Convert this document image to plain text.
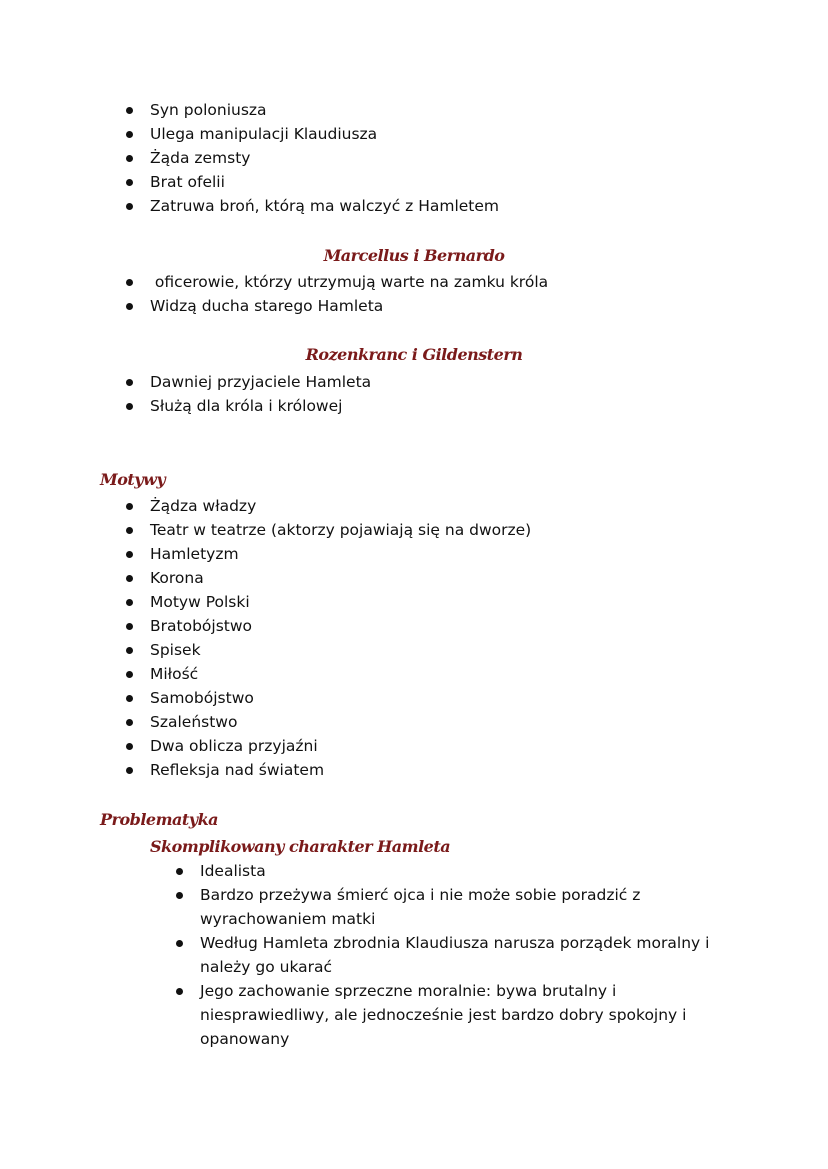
Syn poloniusza
Ulega manipulacji Klaudiusza
Żąda zemsty
Brat ofelii
Zatruwa broń, którą ma walczyć z Hamletem
Marcellus i Bernardo
oficerowie, którzy utrzymują warte na zamku króla
Widzą ducha starego Hamleta
Rozenkranc i Gildenstern
Dawniej przyjaciele Hamleta
Służą dla króla i królowej
Motywy
Żądza władzy
Teatr w teatrze (aktorzy pojawiają się na dworze)
Hamletyzm
Korona
Motyw Polski
Bratobójstwo
Spisek
Miłość
Samobójstwo
Szaleństwo
Dwa oblicza przyjaźni
Refleksja nad światem
Problematyka
Skomplikowany charakter Hamleta
Idealista
Bardzo przeżywa śmierć ojca i nie może sobie poradzić z wyrachowaniem matki
Według Hamleta zbrodnia Klaudiusza narusza porządek moralny i należy go ukarać
Jego zachowanie sprzeczne moralnie: bywa brutalny i niesprawiedliwy, ale jednocześnie jest bardzo dobry spokojny i opanowany
